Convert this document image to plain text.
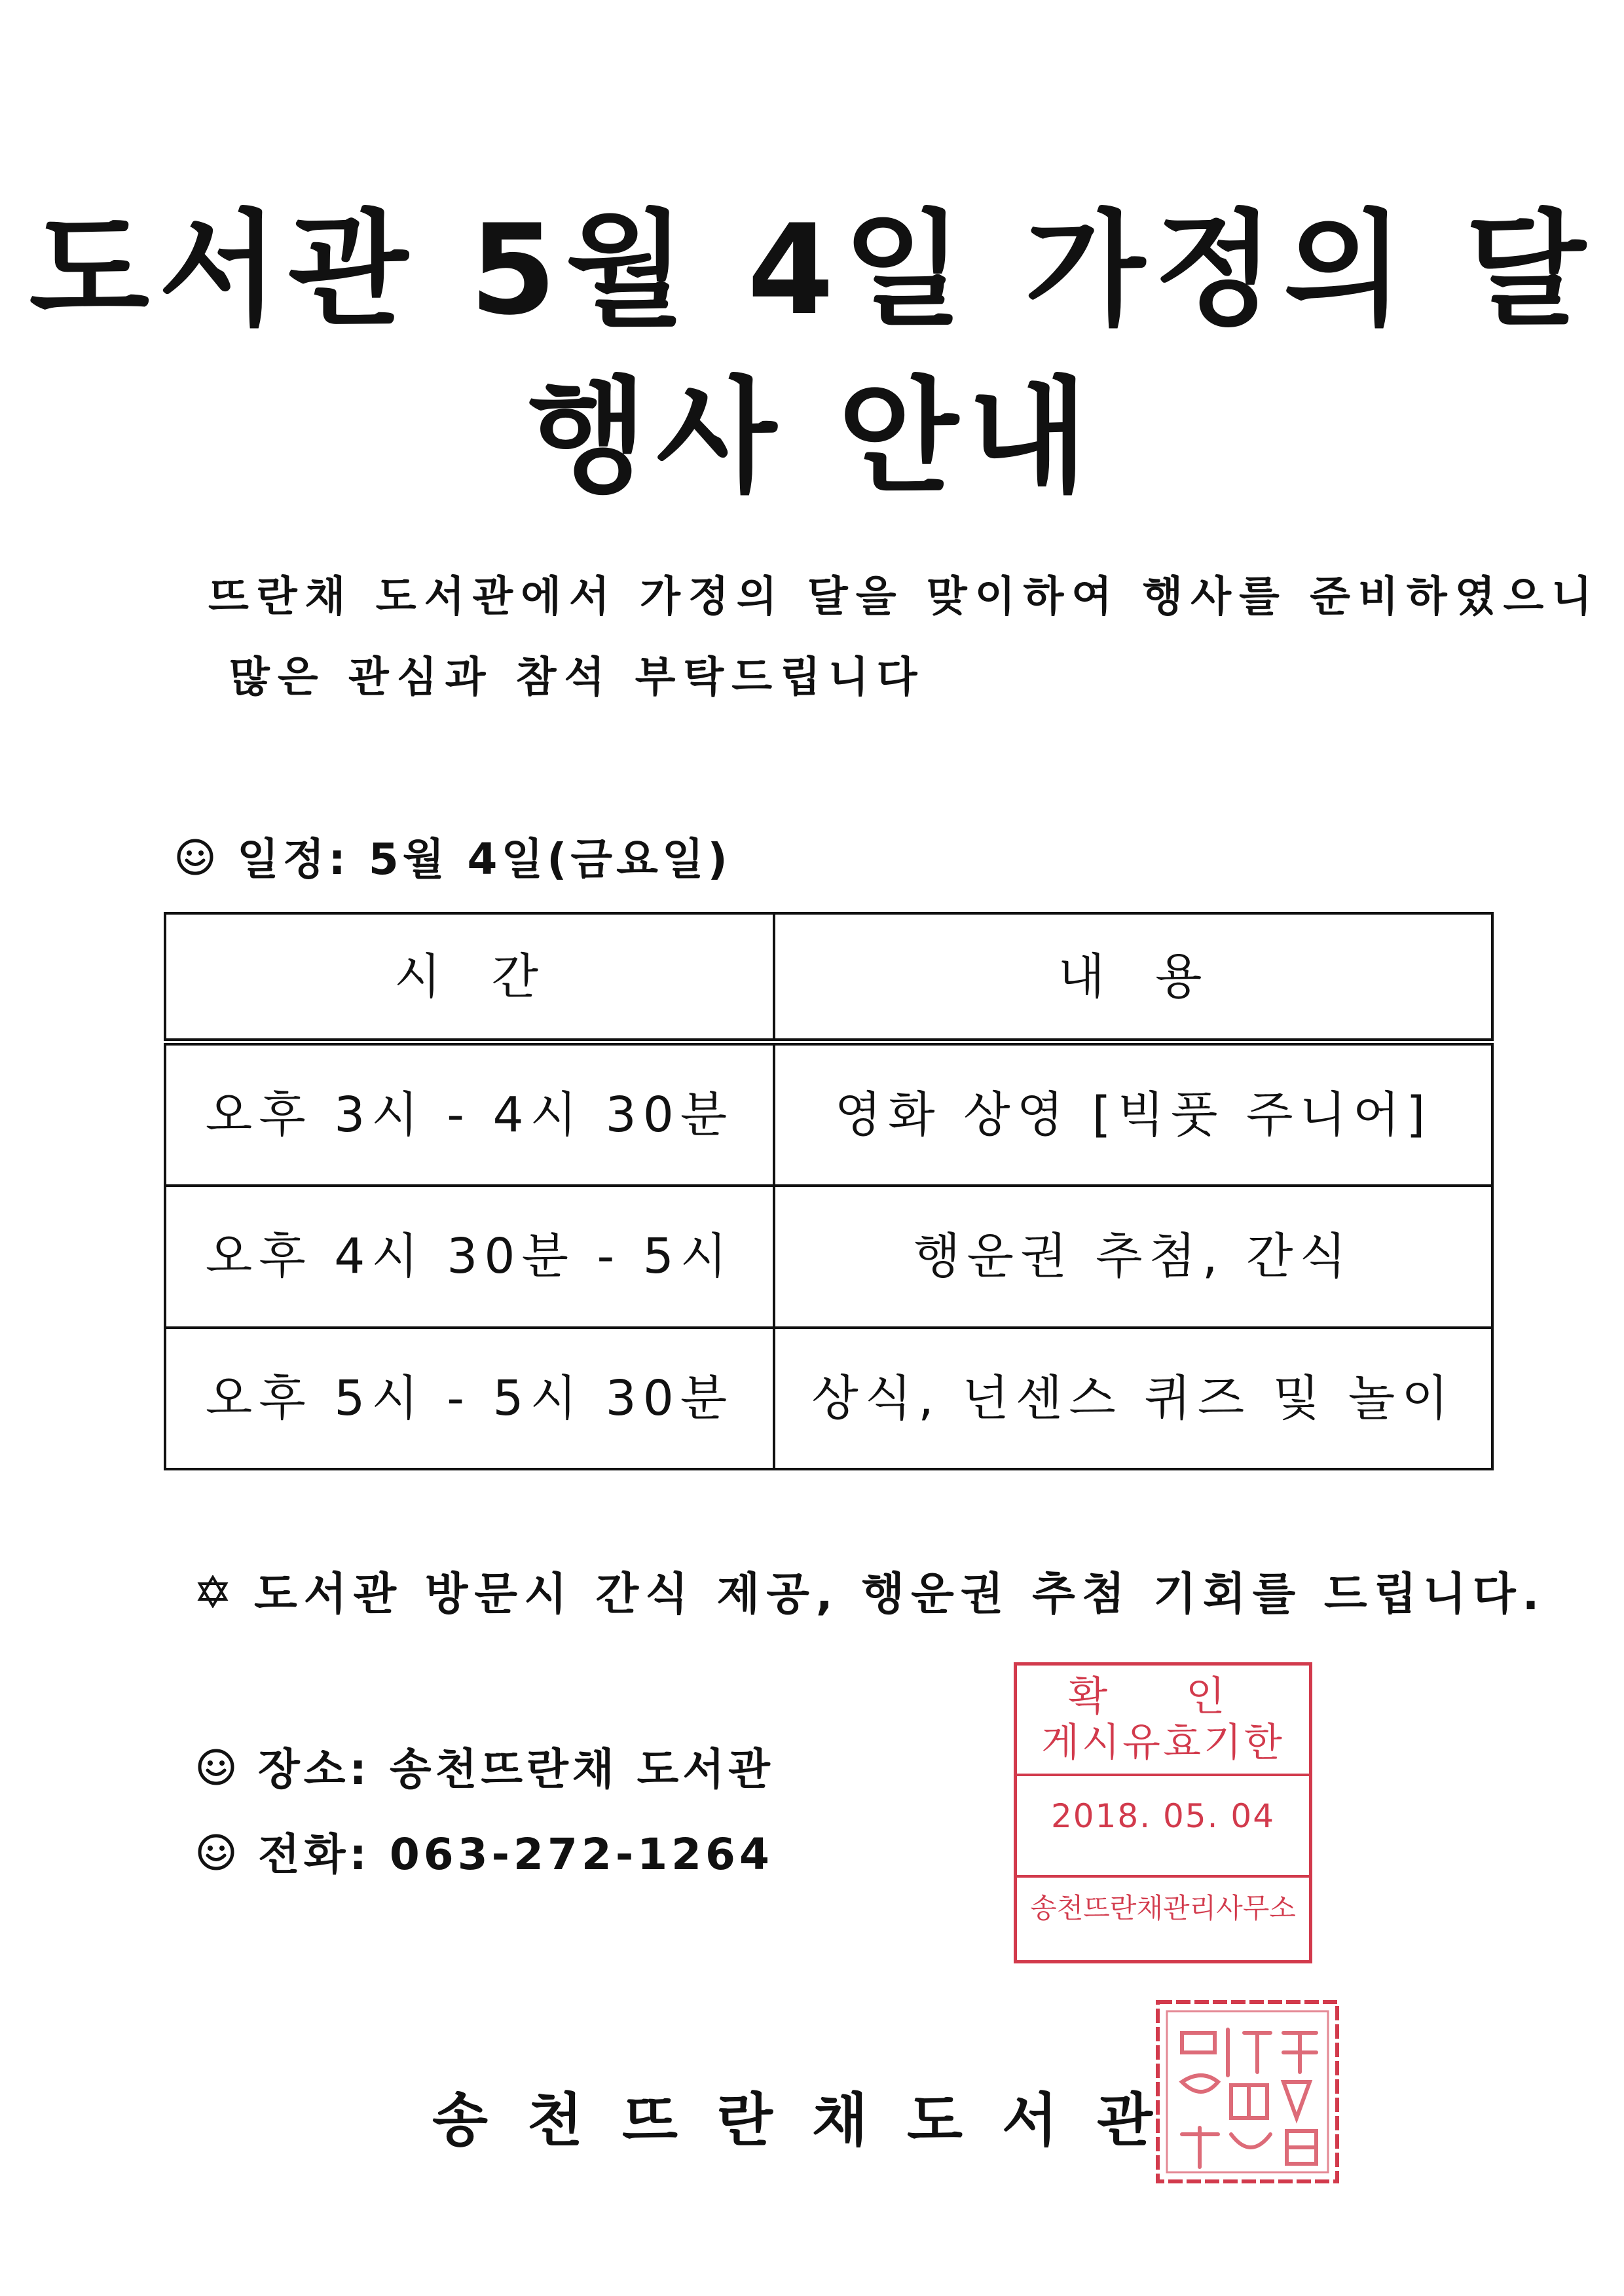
도서관 5월 4일 가정의 달
행사 안내
뜨란채 도서관에서 가정의 달을 맞이하여 행사를 준비하였으니
많은 관심과 참석 부탁드립니다
일정: 5월 4일(금요일)
시  간	내  용
오후 3시 - 4시 30분	영화 상영 [빅풋 주니어]
오후 4시 30분 - 5시	행운권 추첨, 간식
오후 5시 - 5시 30분	상식, 넌센스 퀴즈 및 놀이
도서관 방문시 간식 제공, 행운권 추첨 기회를 드립니다.
장소: 송천뜨란채 도서관
전화: 063-272-1264
확 인
게시유효기한
2018. 05. 04
송천뜨란채관리사무소
송천뜨란채도서관
